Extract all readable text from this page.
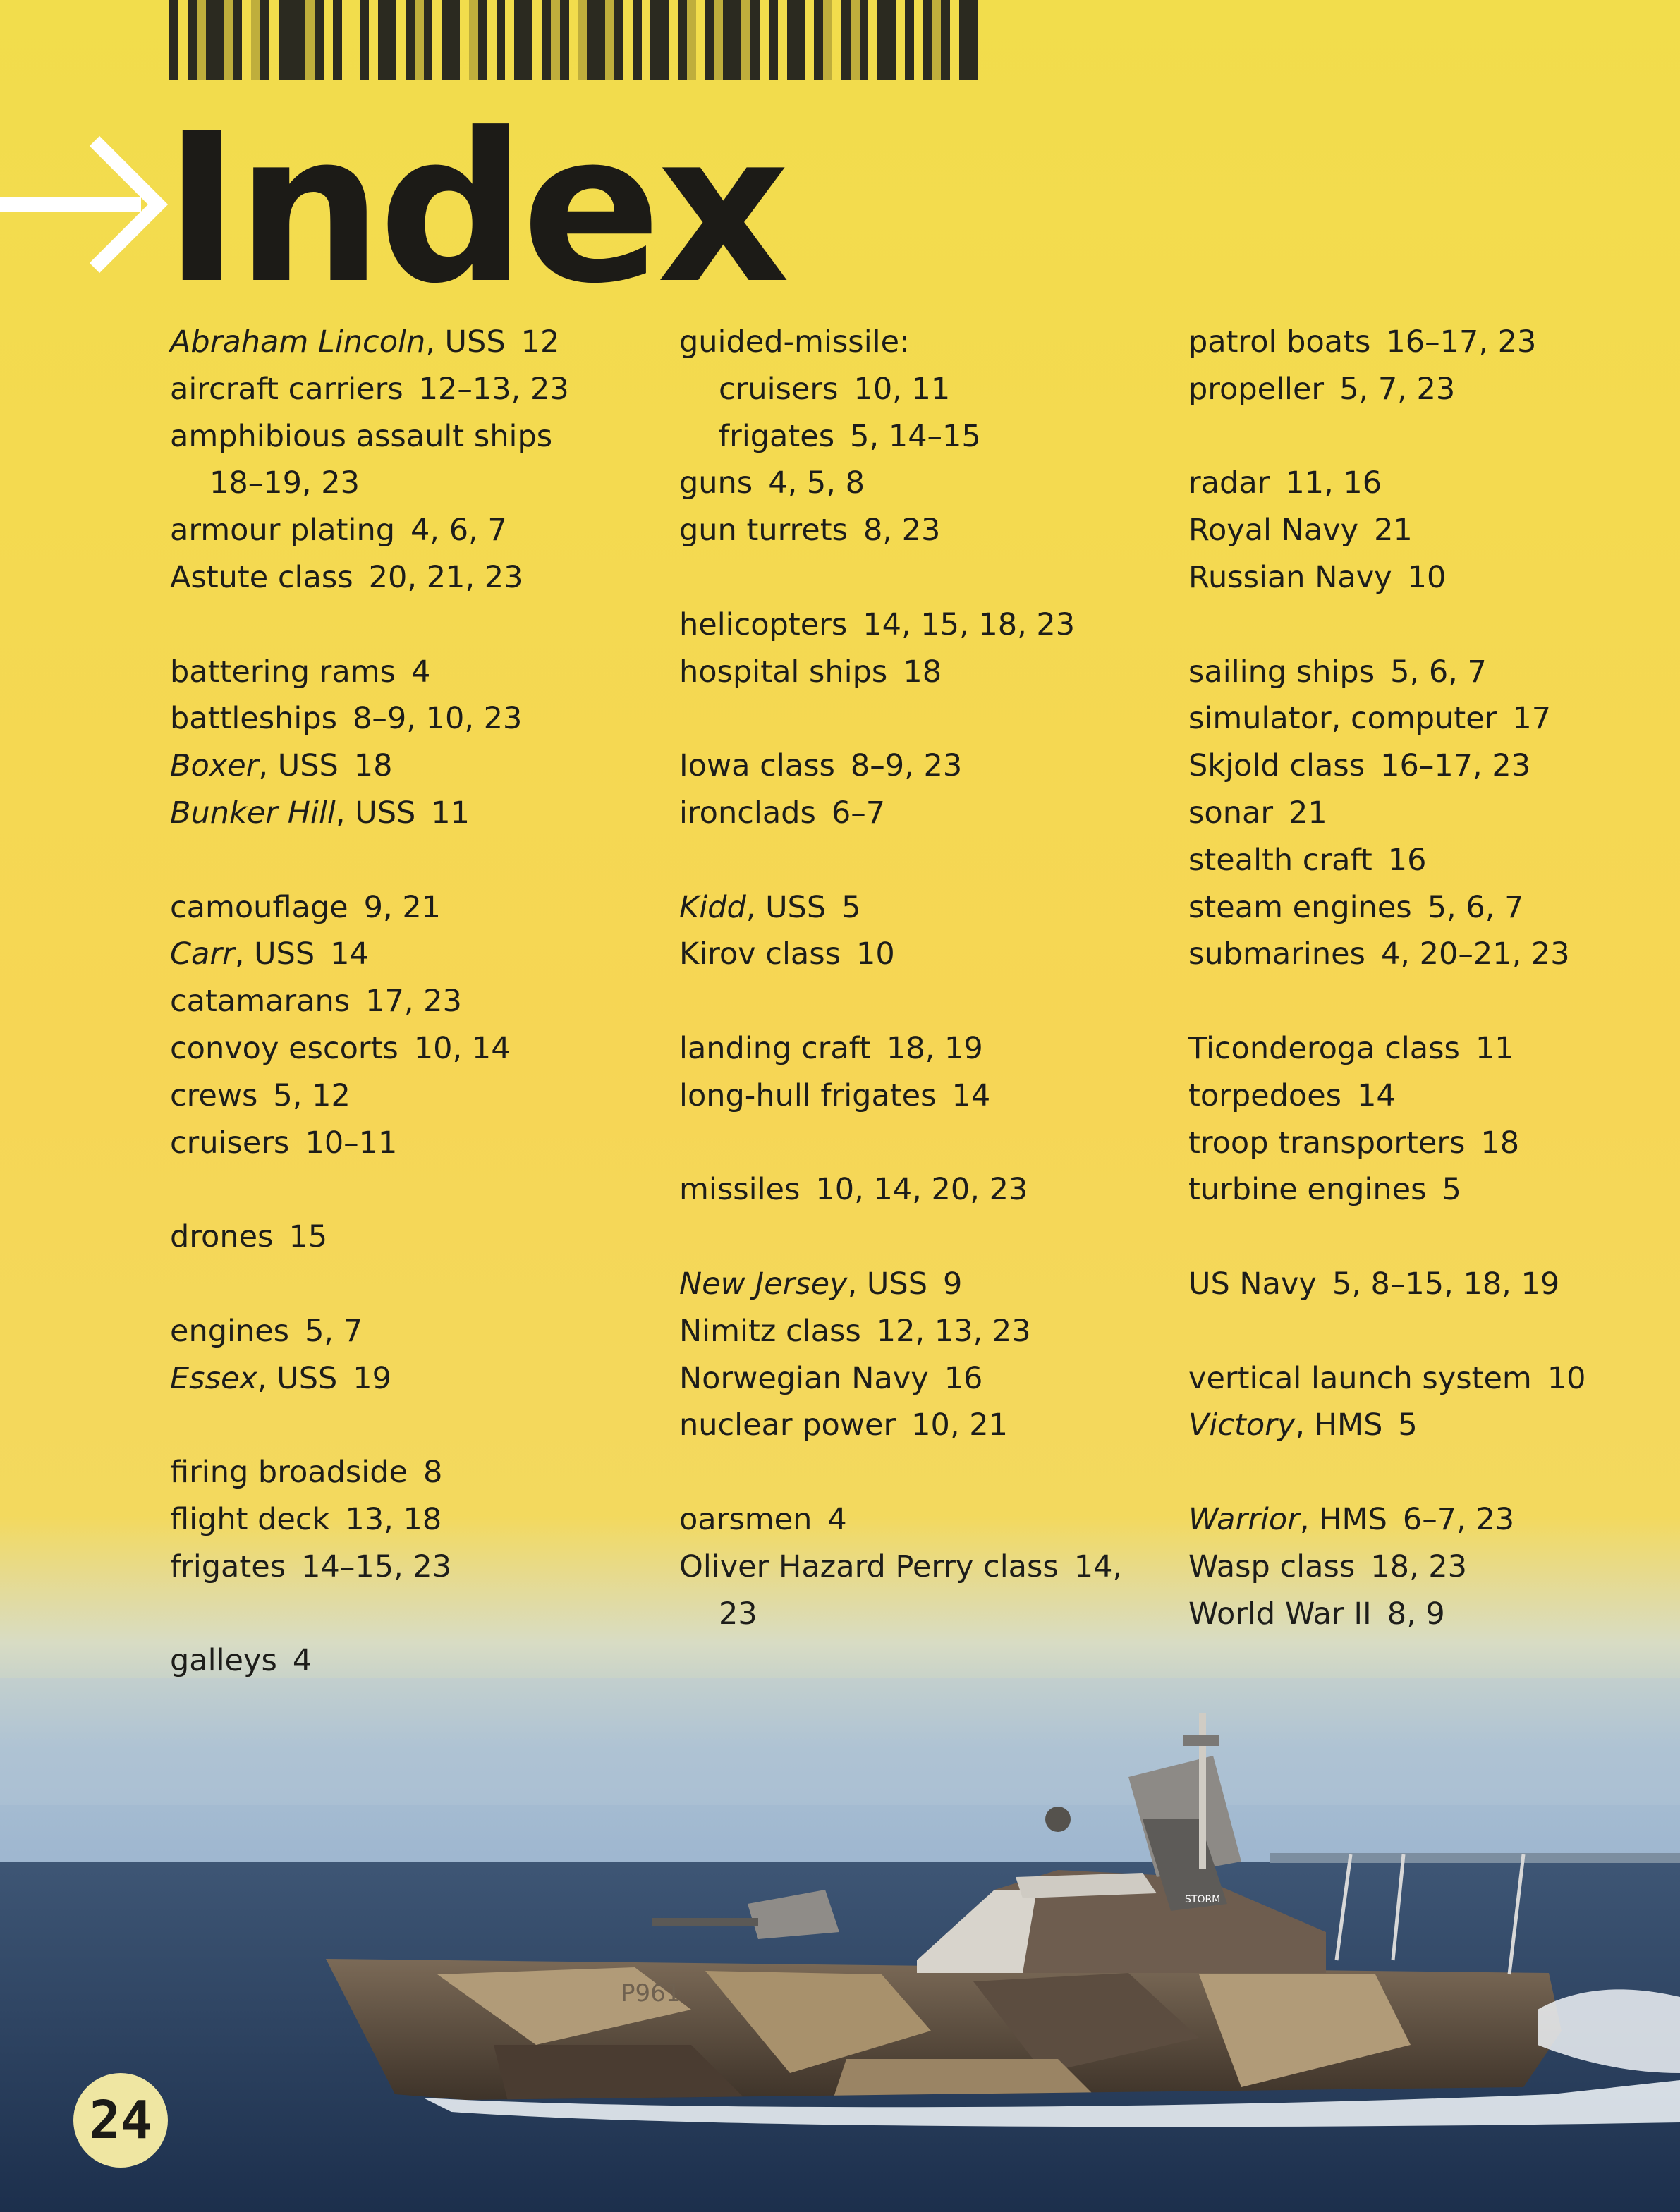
Index
Abraham Lincoln, USS 12
aircraft carriers 12–13, 23
amphibious assault ships
18–19, 23
armour plating 4, 6, 7
Astute class 20, 21, 23
battering rams 4
battleships 8–9, 10, 23
Boxer, USS 18
Bunker Hill, USS 11
camouflage 9, 21
Carr, USS 14
catamarans 17, 23
convoy escorts 10, 14
crews 5, 12
cruisers 10–11
drones 15
engines 5, 7
Essex, USS 19
firing broadside 8
flight deck 13, 18
frigates 14–15, 23
galleys 4
guided-missile:
cruisers 10, 11
frigates 5, 14–15
guns 4, 5, 8
gun turrets 8, 23
helicopters 14, 15, 18, 23
hospital ships 18
Iowa class 8–9, 23
ironclads 6–7
Kidd, USS 5
Kirov class 10
landing craft 18, 19
long-hull frigates 14
missiles 10, 14, 20, 23
New Jersey, USS 9
Nimitz class 12, 13, 23
Norwegian Navy 16
nuclear power 10, 21
oarsmen 4
Oliver Hazard Perry class 14,
23
patrol boats 16–17, 23
propeller 5, 7, 23
radar 11, 16
Royal Navy 21
Russian Navy 10
sailing ships 5, 6, 7
simulator, computer 17
Skjold class 16–17, 23
sonar 21
stealth craft 16
steam engines 5, 6, 7
submarines 4, 20–21, 23
Ticonderoga class 11
torpedoes 14
troop transporters 18
turbine engines 5
US Navy 5, 8–15, 18, 19
vertical launch system 10
Victory, HMS 5
Warrior, HMS 6–7, 23
Wasp class 18, 23
World War II 8, 9
P961
STORM
24
